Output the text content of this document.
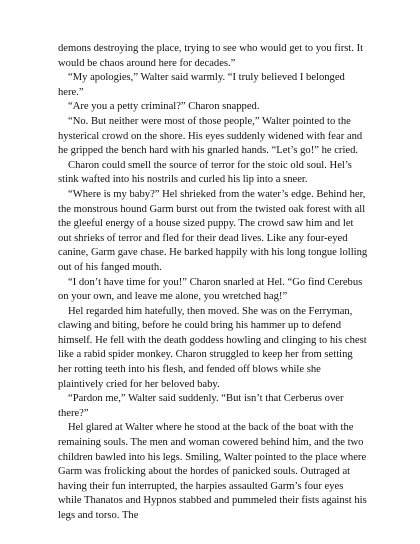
demons destroying the place, trying to see who would get to you first. It would be chaos around here for decades.”

“My apologies,” Walter said warmly. “I truly believed I belonged here.”

“Are you a petty criminal?” Charon snapped.

“No. But neither were most of those people,” Walter pointed to the hysterical crowd on the shore. His eyes suddenly widened with fear and he gripped the bench hard with his gnarled hands. “Let’s go!” he cried.

Charon could smell the source of terror for the stoic old soul. Hel’s stink wafted into his nostrils and curled his lip into a sneer.

“Where is my baby?” Hel shrieked from the water’s edge. Behind her, the monstrous hound Garm burst out from the twisted oak forest with all the gleeful energy of a house sized puppy. The crowd saw him and let out shrieks of terror and fled for their dead lives. Like any four-eyed canine, Garm gave chase. He barked happily with his long tongue lolling out of his fanged mouth.

“I don’t have time for you!” Charon snarled at Hel. “Go find Cerebus on your own, and leave me alone, you wretched hag!”

Hel regarded him hatefully, then moved. She was on the Ferryman, clawing and biting, before he could bring his hammer up to defend himself. He fell with the death goddess howling and clinging to his chest like a rabid spider monkey. Charon struggled to keep her from setting her rotting teeth into his flesh, and fended off blows while she plaintively cried for her beloved baby.

“Pardon me,” Walter said suddenly. “But isn’t that Cerberus over there?”

Hel glared at Walter where he stood at the back of the boat with the remaining souls. The men and woman cowered behind him, and the two children bawled into his legs. Smiling, Walter pointed to the place where Garm was frolicking about the hordes of panicked souls. Outraged at having their fun interrupted, the harpies assaulted Garm’s four eyes while Thanatos and Hypnos stabbed and pummeled their fists against his legs and torso. The
